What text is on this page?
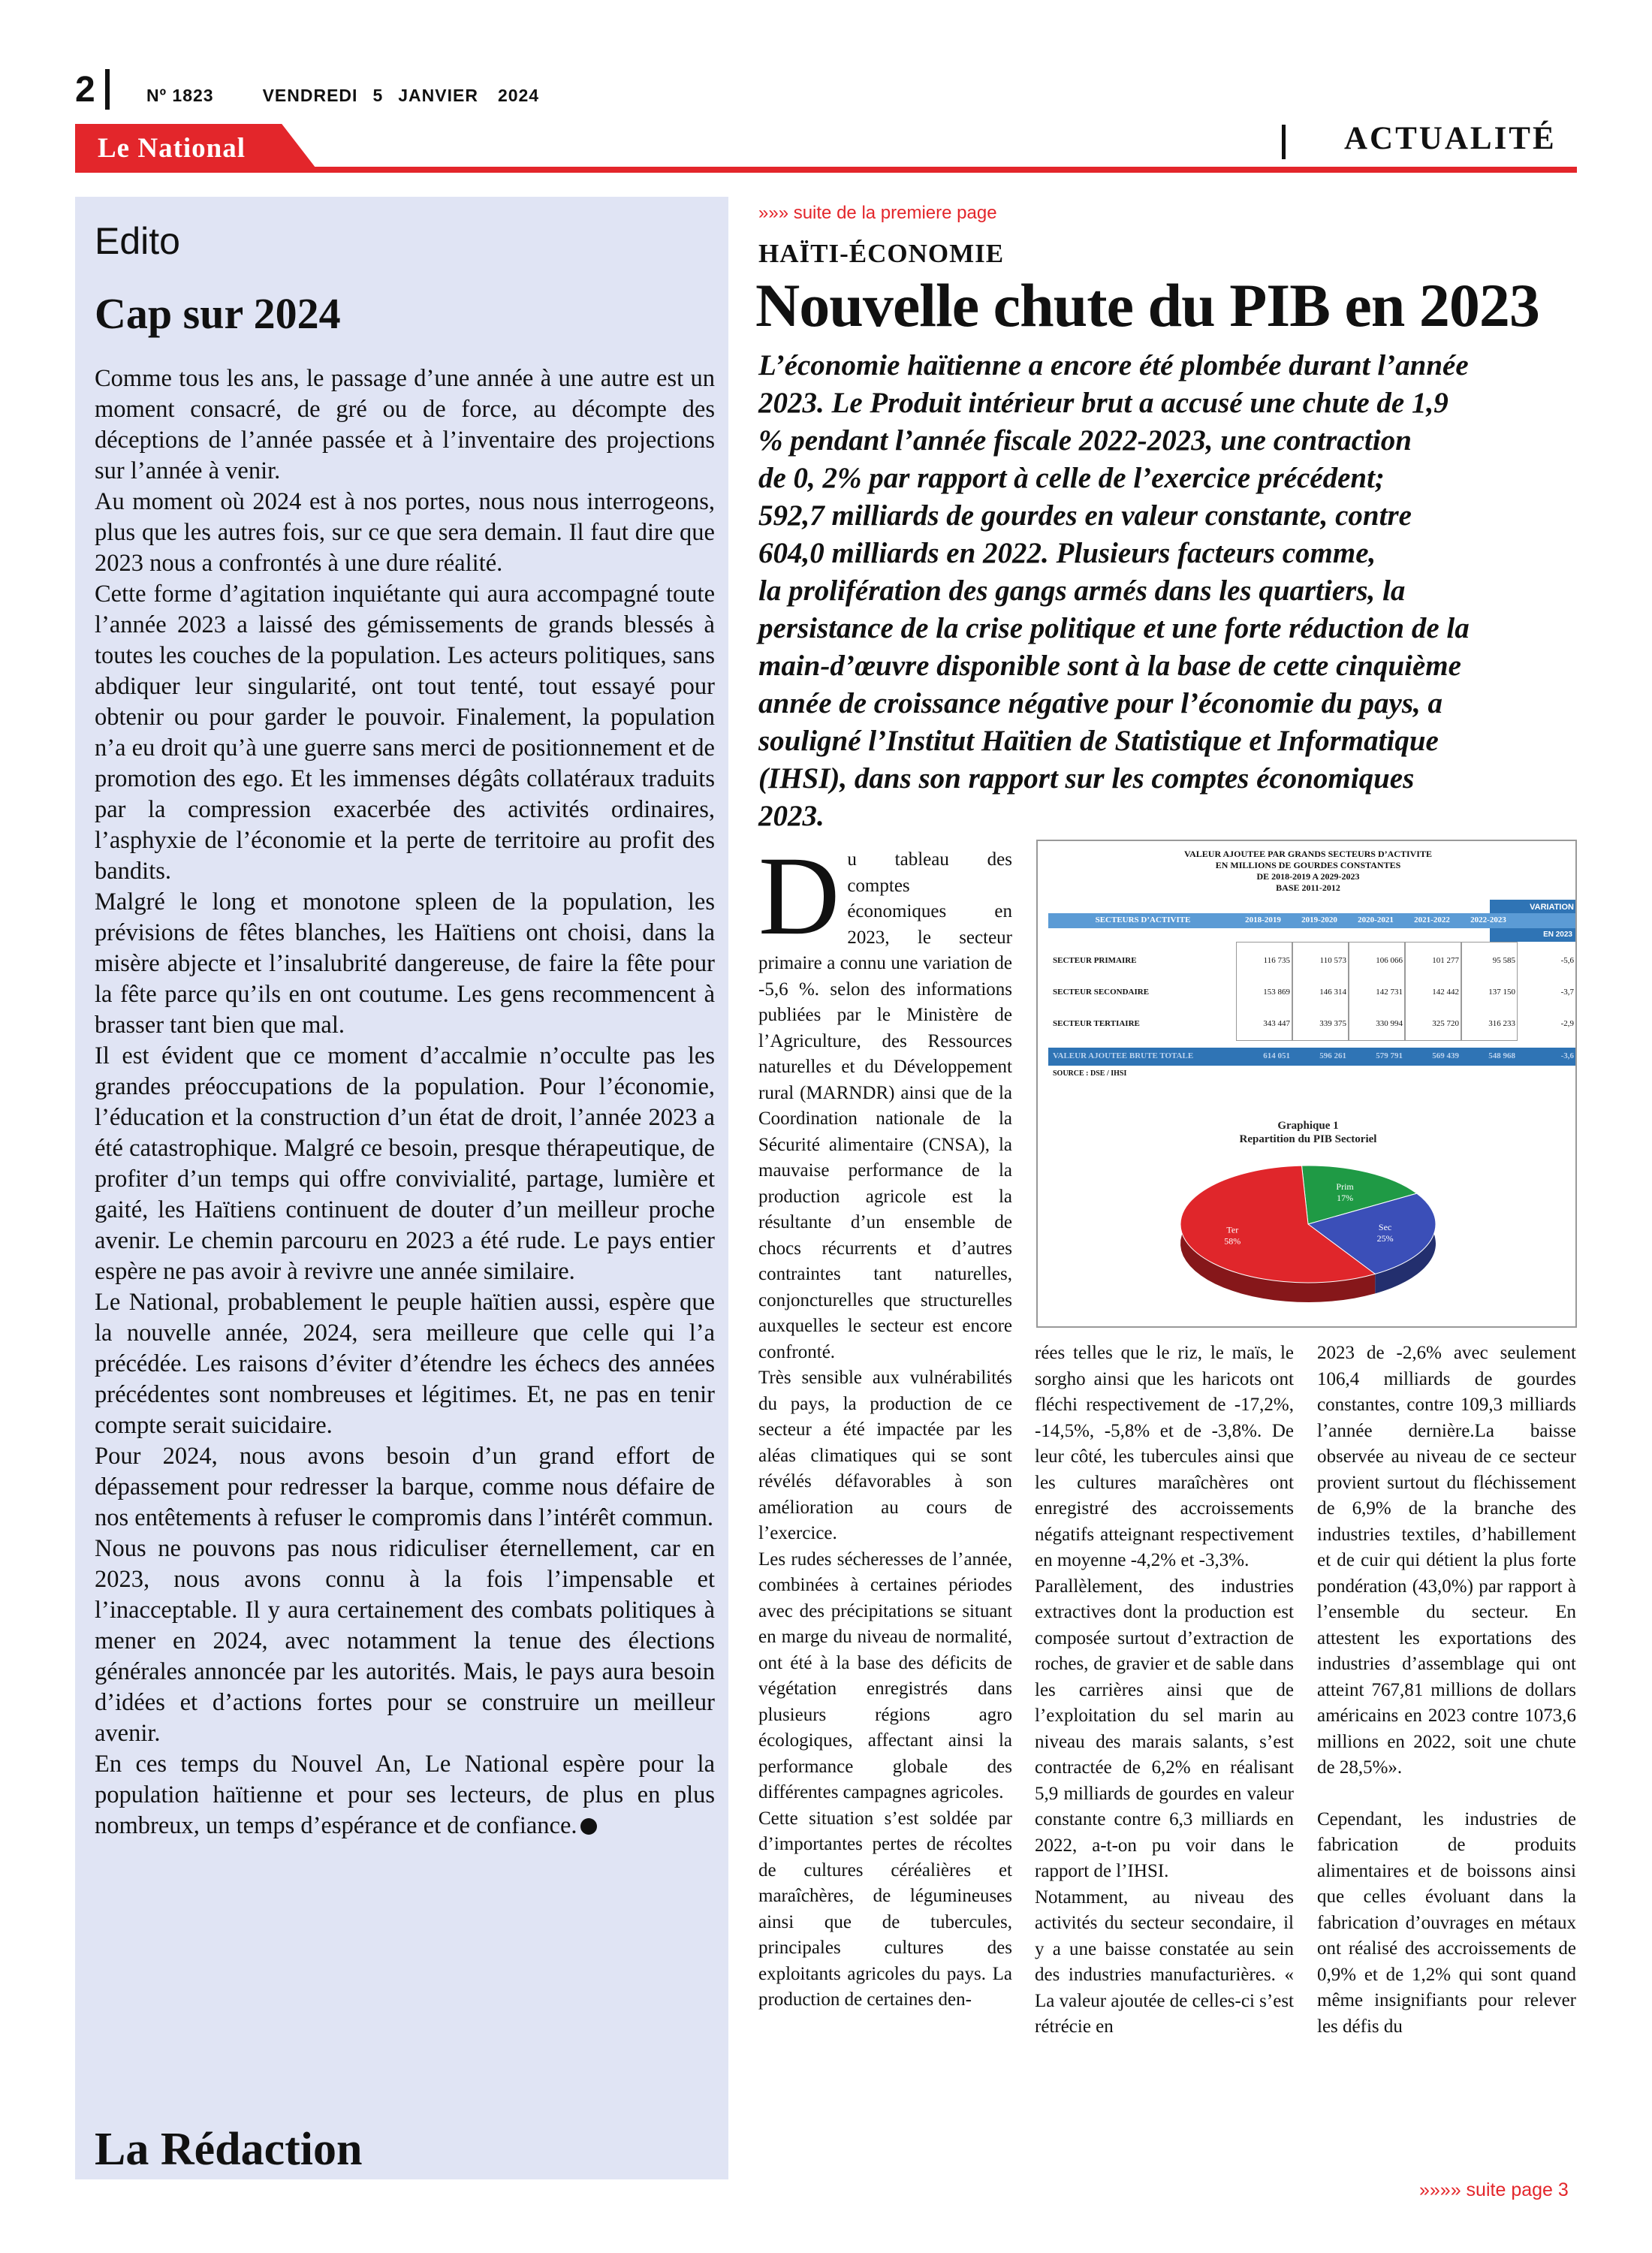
2	Nº 1823	VENDREDI 5 JANVIER 2024
Le National	ACTUALITÉ
Edito
Cap sur 2024

Comme tous les ans, le passage d’une année à une autre est un moment consacré, de gré ou de force, au décompte des déceptions de l’année passée et à l’inventaire des projections sur l’année à venir.

Au moment où 2024 est à nos portes, nous nous interrogeons, plus que les autres fois, sur ce que sera demain. Il faut dire que 2023 nous a confrontés à une dure réalité.

Cette forme d’agitation inquiétante qui aura accompagné toute l’année 2023 a laissé des gémissements de grands blessés à toutes les couches de la population. Les acteurs politiques, sans abdiquer leur singularité, ont tout tenté, tout essayé pour obtenir ou pour garder le pouvoir. Finalement, la population n’a eu droit qu’à une guerre sans merci de positionnement et de promotion des ego. Et les immenses dégâts collatéraux traduits par la compression exacerbée des activités ordinaires, l’asphyxie de l’économie et la perte de territoire au profit des bandits.

Malgré le long et monotone spleen de la population, les prévisions de fêtes blanches, les Haïtiens ont choisi, dans la misère abjecte et l’insalubrité dangereuse, de faire la fête pour la fête parce qu’ils en ont coutume. Les gens recommencent à brasser tant bien que mal.

Il est évident que ce moment d’accalmie n’occulte pas les grandes préoccupations de la population. Pour l’économie, l’éducation et la construction d’un état de droit, l’année 2023 a été catastrophique. Malgré ce besoin, presque thérapeutique, de profiter d’un temps qui offre convivialité, partage, lumière et gaité, les Haïtiens continuent de douter d’un meilleur proche avenir. Le chemin parcouru en 2023 a été rude. Le pays entier espère ne pas avoir à revivre une année similaire.

Le National, probablement le peuple haïtien aussi, espère que la nouvelle année, 2024, sera meilleure que celle qui l’a précédée. Les raisons d’éviter d’étendre les échecs des années précédentes sont nombreuses et légitimes. Et, ne pas en tenir compte serait suicidaire.

Pour 2024, nous avons besoin d’un grand effort de dépassement pour redresser la barque, comme nous défaire de nos entêtements à refuser le compromis dans l’intérêt commun.

Nous ne pouvons pas nous ridiculiser éternellement, car en 2023, nous avons connu à la fois l’impensable et l’inacceptable. Il y aura certainement des combats politiques à mener en 2024, avec notamment la tenue des élections générales annoncée par les autorités. Mais, le pays aura besoin d’idées et d’actions fortes pour se construire un meilleur avenir.

En ces temps du Nouvel An, Le National espère pour la population haïtienne et pour ses lecteurs, de plus en plus nombreux, un temps d’espérance et de confiance.

La Rédaction
»»» suite de la premiere page
HAÏTI-ÉCONOMIE
Nouvelle chute du PIB en 2023
L’économie haïtienne a encore été plombée durant l’année
2023. Le Produit intérieur brut a accusé une chute de 1,9
% pendant l’année fiscale 2022-2023, une contraction
de 0, 2% par rapport à celle de l’exercice précédent;
592,7 milliards de gourdes en valeur constante, contre
604,0 milliards en 2022. Plusieurs facteurs comme,
la prolifération des gangs armés dans les quartiers, la
persistance de la crise politique et une forte réduction de la
main-d’œuvre disponible sont à la base de cette cinquième
année de croissance négative pour l’économie du pays, a
souligné l’Institut Haïtien de Statistique et Informatique
(IHSI), dans son rapport sur les comptes économiques
2023.

Du tableau des comptes économiques en 2023, le secteur primaire a connu une variation de -5,6 %. selon des informations publiées par le Ministère de l’Agriculture, des Ressources naturelles et du Développement rural (MARNDR) ainsi que de la Coordination nationale de la Sécurité alimentaire (CNSA), la mauvaise performance de la production agricole est la résultante d’un ensemble de chocs récurrents et d’autres contraintes tant naturelles, conjoncturelles que structurelles auxquelles le secteur est encore confronté.

Très sensible aux vulnérabilités du pays, la production de ce secteur a été impactée par les aléas climatiques qui se sont révélés défavorables à son amélioration au cours de l’exercice.

Les rudes sécheresses de l’année, combinées à certaines périodes avec des précipitations se situant en marge du niveau de normalité, ont été à la base des déficits de végétation enregistrés dans plusieurs régions agro écologiques, affectant ainsi la performance globale des différentes campagnes agricoles.

Cette situation s’est soldée par d’importantes pertes de récoltes de cultures céréalières et maraîchères, de légumineuses ainsi que de tubercules, principales cultures des exploitants agricoles du pays. La production de certaines den-

rées telles que le riz, le maïs, le sorgho ainsi que les haricots ont fléchi respectivement de -17,2%, -14,5%, -5,8% et de -3,8%. De leur côté, les tubercules ainsi que les cultures maraîchères ont enregistré des accroissements négatifs atteignant respectivement en moyenne -4,2% et -3,3%.

Parallèlement, des industries extractives dont la production est composée surtout d’extraction de roches, de gravier et de sable dans les carrières ainsi que de l’exploitation du sel marin au niveau des marais salants, s’est contractée de 6,2% en réalisant 5,9 milliards de gourdes en valeur constante contre 6,3 milliards en 2022, a-t-on pu voir dans le rapport de l’IHSI.

Notamment, au niveau des activités du secteur secondaire, il y a une baisse constatée au sein des industries manufacturières. « La valeur ajoutée de celles-ci s’est rétrécie en

2023 de -2,6% avec seulement 106,4 milliards de gourdes constantes, contre 109,3 milliards l’année dernière.La baisse observée au niveau de ce secteur provient surtout du fléchissement de 6,9% de la branche des industries textiles, d’habillement et de cuir qui détient la plus forte pondération (43,0%) par rapport à l’ensemble du secteur. En attestent les exportations des industries d’assemblage qui ont atteint 767,81 millions de dollars américains en 2023 contre 1073,6 millions en 2022, soit une chute de 28,5%».

Cependant, les industries de fabrication de produits alimentaires et de boissons ainsi que celles évoluant dans la fabrication d’ouvrages en métaux ont réalisé des accroissements de 0,9% et de 1,2% qui sont quand même insignifiants pour relever les défis du

»»»» suite page 3
VALEUR AJOUTEE PAR GRANDS SECTEURS D’ACTIVITE
EN MILLIONS DE GOURDES CONSTANTES
DE 2018-2019 A 2029-2023
BASE 2011-2012
VARIATION
SECTEURS D’ACTIVITE	2018-2019	2019-2020	2020-2021	2021-2022	2022-2023
EN 2023
SECTEUR PRIMAIRE	116 735	110 573	106 066	101 277	95 585	-5,6
SECTEUR SECONDAIRE	153 869	146 314	142 731	142 442	137 150	-3,7
SECTEUR TERTIAIRE	343 447	339 375	330 994	325 720	316 233	-2,9
VALEUR AJOUTEE BRUTE TOTALE	614 051	596 261	579 791	569 439	548 968	-3,6
SOURCE : DSE / IHSI
Graphique 1
Repartition du PIB Sectoriel
Prim
17%
Sec
25%
Ter
58%
